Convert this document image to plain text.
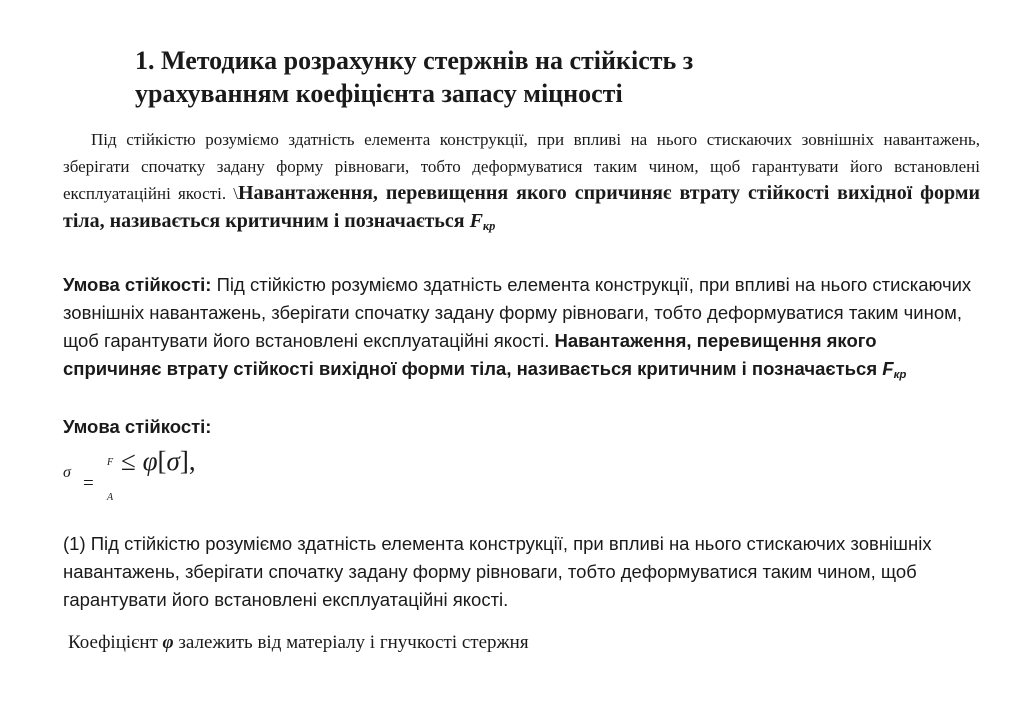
1. Методика розрахунку стержнів на стійкість з
урахуванням коефіцієнта запасу міцності

Під стійкістю розуміємо здатність елемента конструкції, при впливі на нього стискаючих зовнішніх навантажень, зберігати спочатку задану форму рівноваги, тобто деформуватися таким чином, щоб гарантувати його встановлені експлуатаційні якості. \Навантаження, перевищення якого спричиняє втрату стійкості вихідної форми тіла, називається критичним і позначається $F_{кр}$

Умова стійкості: Під стійкістю розуміємо здатність елемента конструкції, при впливі на нього стискаючих зовнішніх навантажень, зберігати спочатку задану форму рівноваги, тобто деформуватися таким чином, щоб гарантувати його встановлені експлуатаційні якості. Навантаження, перевищення якого спричиняє втрату стійкості вихідної форми тіла, називається критичним і позначається $F_{кр}$

Умова стійкості:

σ
=
F
A
≤ φ[σ],

(1) Під стійкістю розуміємо здатність елемента конструкції, при впливі на нього стискаючих зовнішніх навантажень, зберігати спочатку задану форму рівноваги, тобто деформуватися таким чином, щоб гарантувати його встановлені експлуатаційні якості.

Коефіцієнт φ залежить від матеріалу і гнучкості стержня
